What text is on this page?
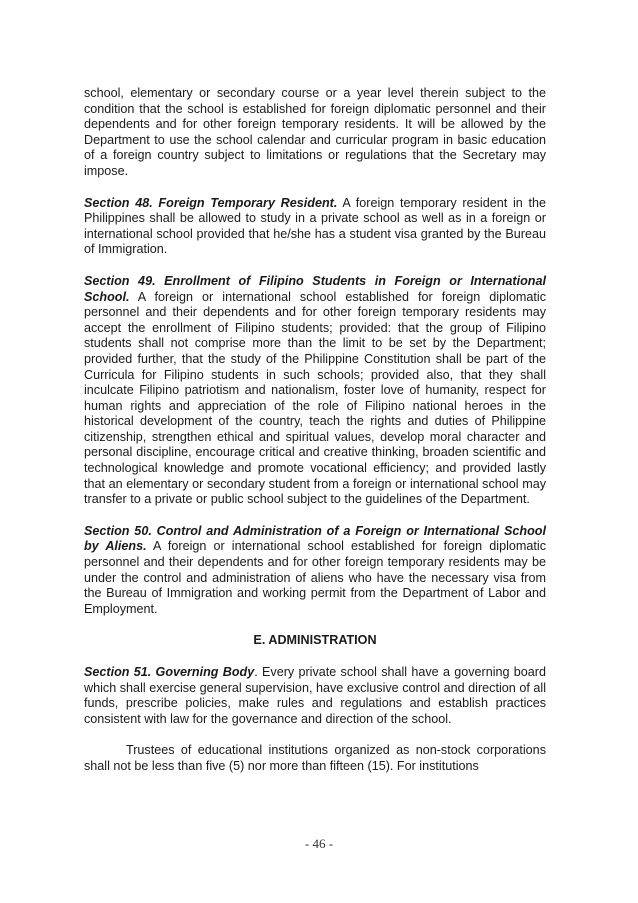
school, elementary or secondary course or a year level therein subject to the condition that the school is established for foreign diplomatic personnel and their dependents and for other foreign temporary residents. It will be allowed by the Department to use the school calendar and curricular program in basic education of a foreign country subject to limitations or regulations that the Secretary may impose.

Section 48. Foreign Temporary Resident. A foreign temporary resident in the Philippines shall be allowed to study in a private school as well as in a foreign or international school provided that he/she has a student visa granted by the Bureau of Immigration.

Section 49. Enrollment of Filipino Students in Foreign or International School. A foreign or international school established for foreign diplomatic personnel and their dependents and for other foreign temporary residents may accept the enrollment of Filipino students; provided: that the group of Filipino students shall not comprise more than the limit to be set by the Department; provided further, that the study of the Philippine Constitution shall be part of the Curricula for Filipino students in such schools; provided also, that they shall inculcate Filipino patriotism and nationalism, foster love of humanity, respect for human rights and appreciation of the role of Filipino national heroes in the historical development of the country, teach the rights and duties of Philippine citizenship, strengthen ethical and spiritual values, develop moral character and personal discipline, encourage critical and creative thinking, broaden scientific and technological knowledge and promote vocational efficiency; and provided lastly that an elementary or secondary student from a foreign or international school may transfer to a private or public school subject to the guidelines of the Department.

Section 50. Control and Administration of a Foreign or International School by Aliens. A foreign or international school established for foreign diplomatic personnel and their dependents and for other foreign temporary residents may be under the control and administration of aliens who have the necessary visa from the Bureau of Immigration and working permit from the Department of Labor and Employment.

E. ADMINISTRATION

Section 51. Governing Body. Every private school shall have a governing board which shall exercise general supervision, have exclusive control and direction of all funds, prescribe policies, make rules and regulations and establish practices consistent with law for the governance and direction of the school.

Trustees of educational institutions organized as non-stock corporations shall not be less than five (5) nor more than fifteen (15). For institutions

- 46 -
